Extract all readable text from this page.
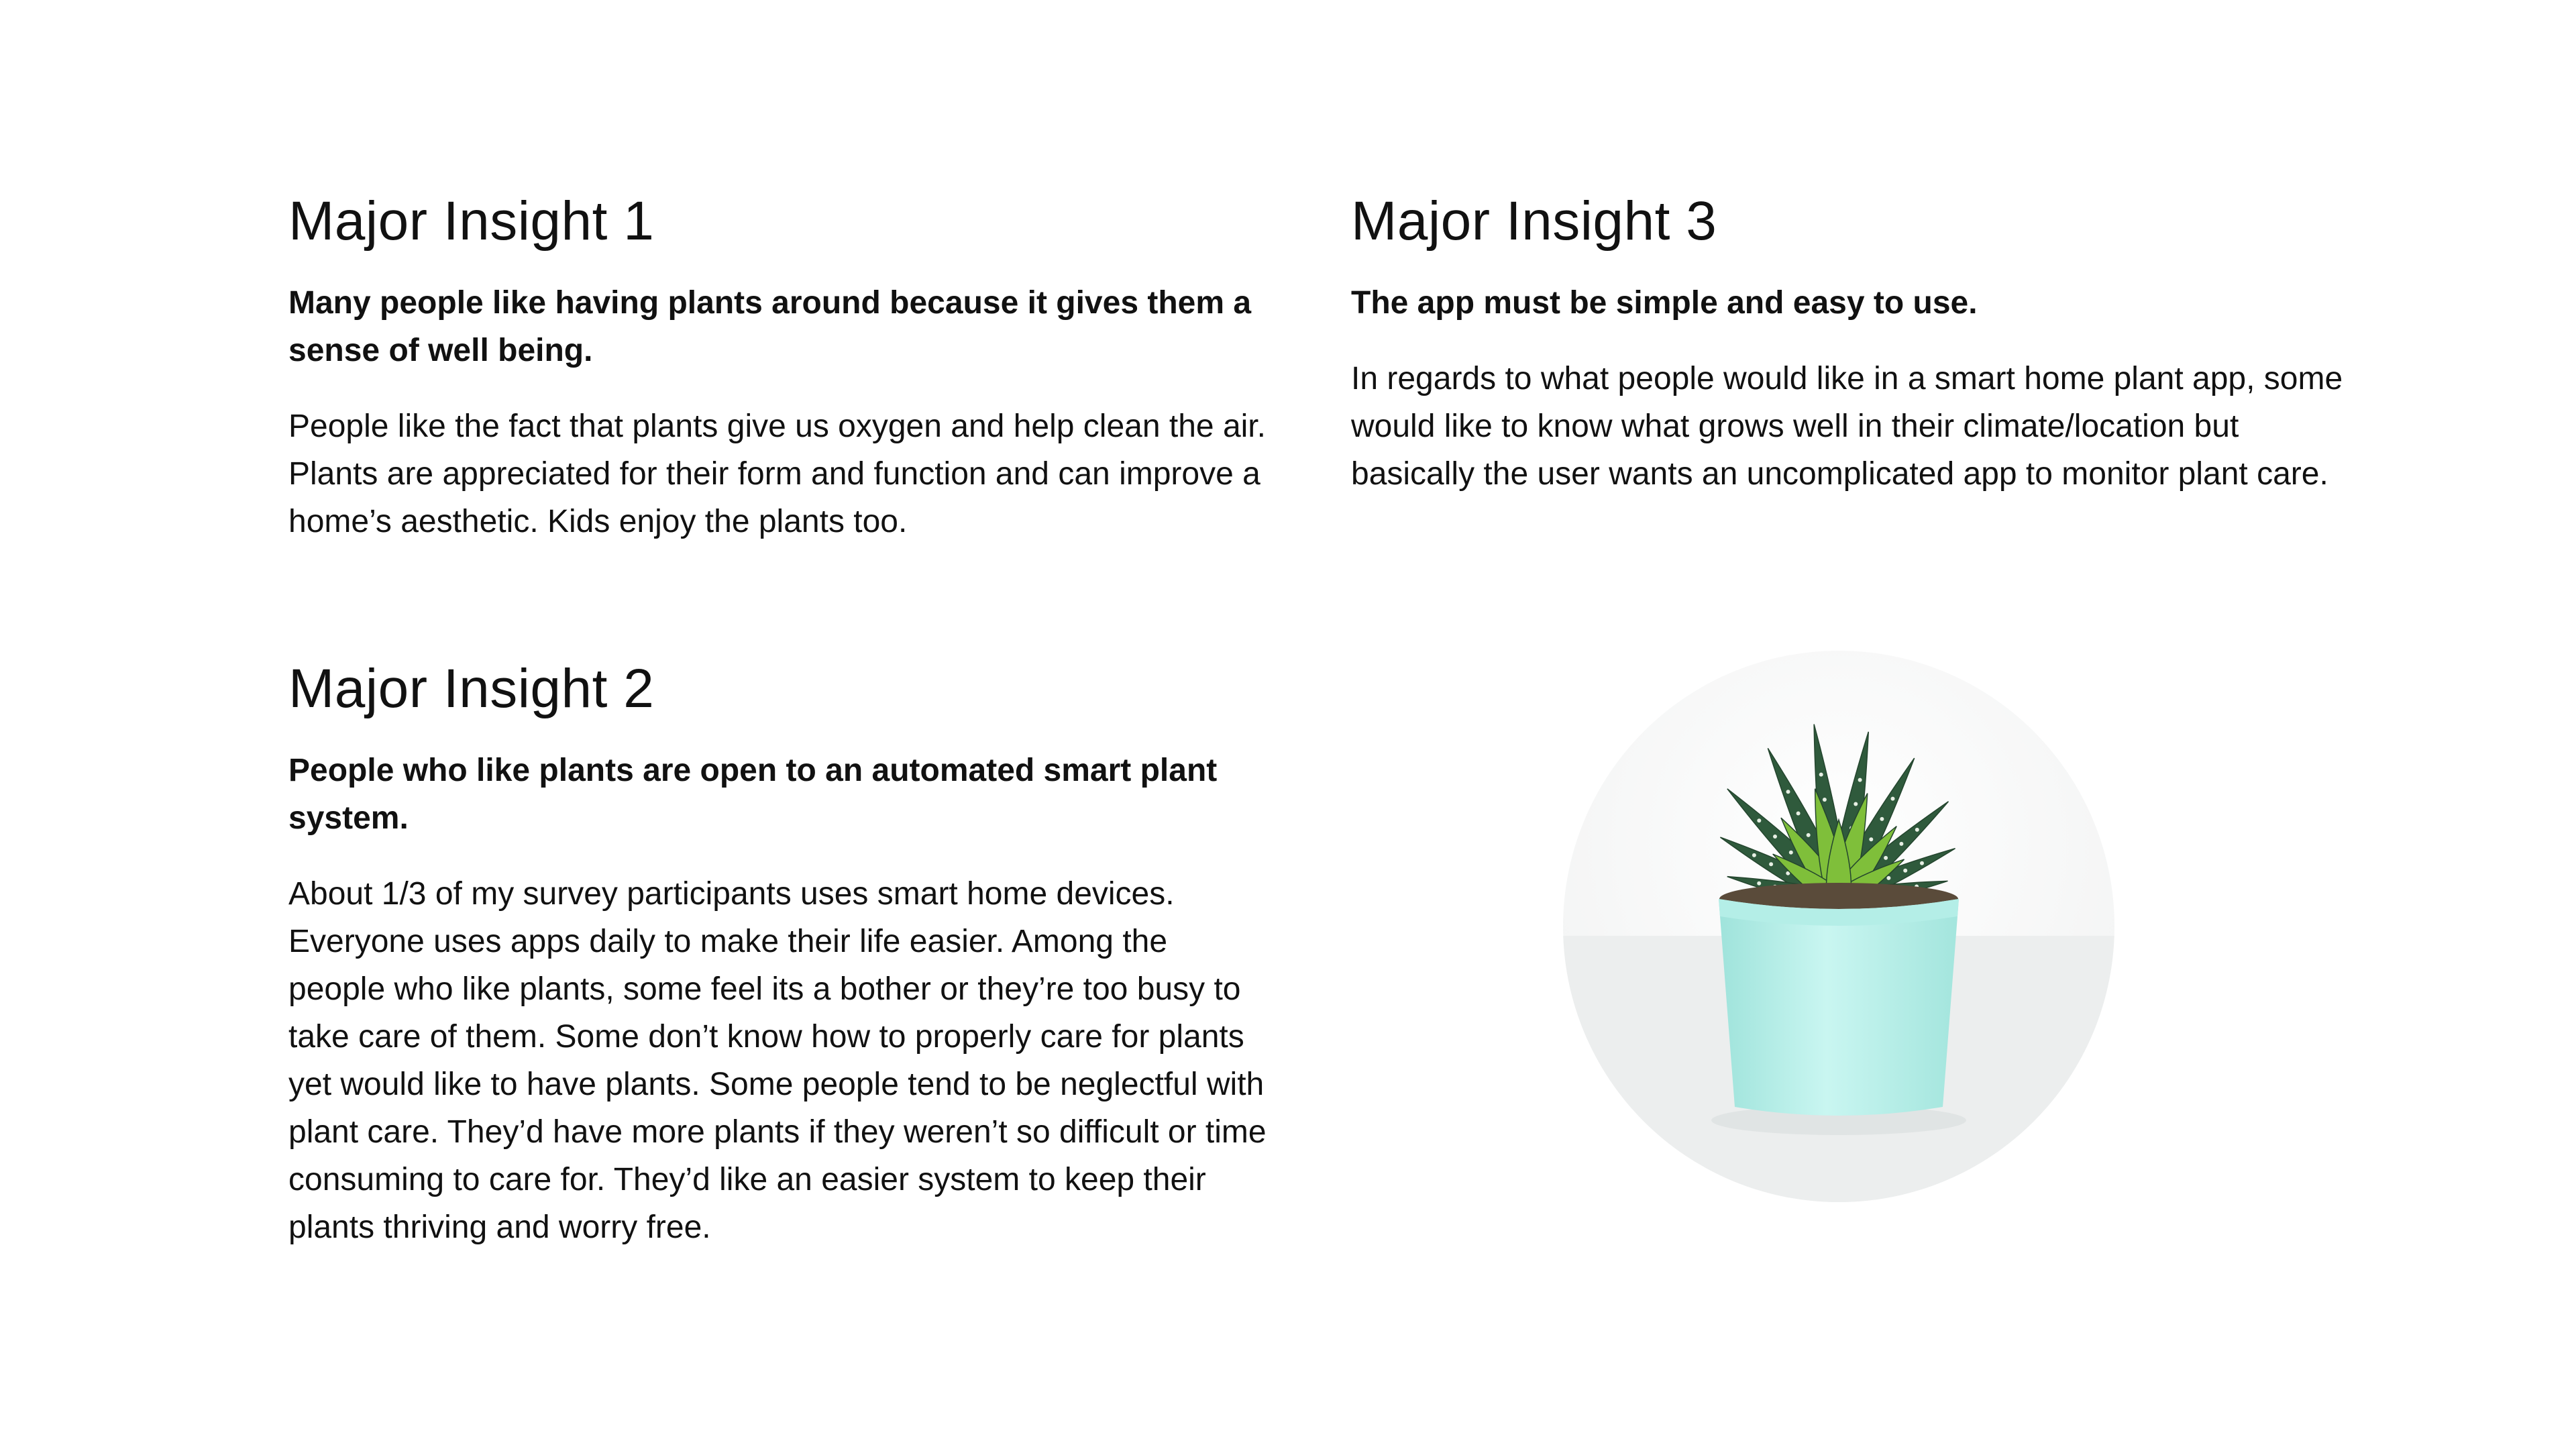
Major Insight 1

Many people like having plants around because it gives them a sense of well being.

People like the fact that plants give us oxygen and help clean the air. Plants are appreciated for their form and function and can improve a home’s aesthetic. Kids enjoy the plants too.

Major Insight 3

The app must be simple and easy to use.

In regards to what people would like in a smart home plant app, some would like to know what grows well in their climate/location but basically the user wants an uncomplicated app to monitor plant care.

Major Insight 2

People who like plants are open to an automated smart plant system.

About 1/3 of my survey participants uses smart home devices. Everyone uses apps daily to make their life easier. Among the people who like plants, some feel its a bother or they’re too busy to take care of them. Some don’t know how to properly care for plants yet would like to have plants. Some people tend to be neglectful with plant care. They’d have more plants if they weren’t so difficult or time consuming to care for. They’d like an easier system to keep their plants thriving and worry free.
